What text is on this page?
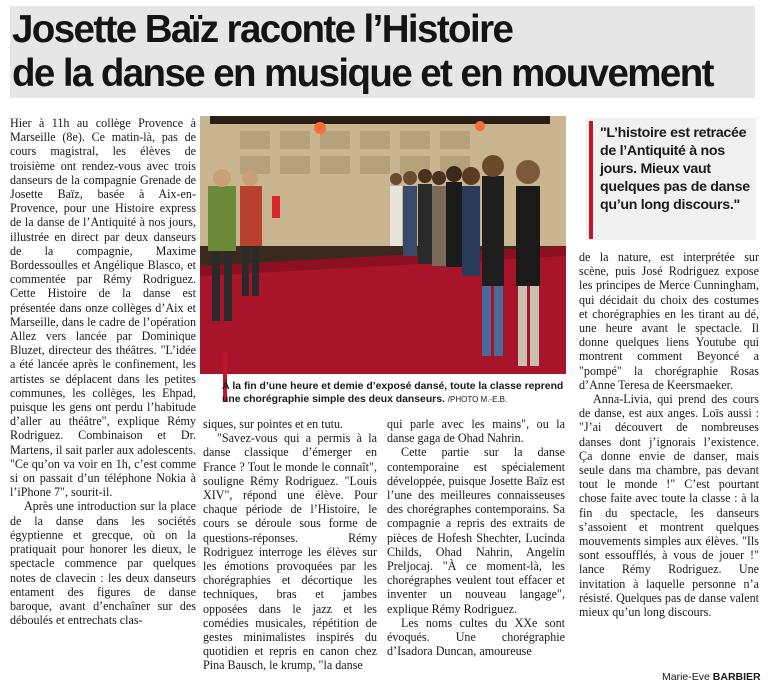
Josette Baïz raconte l’Histoire
de la danse en musique et en mouvement

Hier à 11h au collège Provence à Marseille (8e). Ce matin-là, pas de cours magistral, les élèves de troisième ont rendez-vous avec trois danseurs de la compagnie Grenade de Josette Baïz, basée à Aix-en-Provence, pour une Histoire express de la danse de l’Antiquité à nos jours, illustrée en direct par deux danseurs de la compagnie, Maxime Bordessoulles et Angélique Blasco, et commentée par Rémy Rodriguez. Cette Histoire de la danse est présentée dans onze collèges d’Aix et Marseille, dans le cadre de l’opération Allez vers lancée par Dominique Bluzet, directeur des théâtres. "L’idée a été lancée après le confinement, les artistes se déplacent dans les petites communes, les collèges, les Ehpad, puisque les gens ont perdu l’habitude d’aller au théâtre", explique Rémy Rodriguez. Combinaison et Dr. Martens, il sait parler aux adolescents. "Ce qu’on va voir en 1h, c’est comme si on passait d’un téléphone Nokia à l’iPhone 7", sourit-il.

Après une introduction sur la place de la danse dans les sociétés égyptienne et grecque, où on la pratiquait pour honorer les dieux, le spectacle commence par quelques notes de clavecin : les deux danseurs entament des figures de danse baroque, avant d’enchaîner sur des déboulés et entrechats clas-

À la fin d’une heure et demie d’exposé dansé, toute la classe reprend une chorégraphie simple des deux danseurs. /PHOTO M.-E.B.
"L’histoire est retracée de l’Antiquité à nos jours. Mieux vaut quelques pas de danse qu’un long discours."

siques, sur pointes et en tutu.

"Savez-vous qui a permis à la danse classique d’émerger en France ? Tout le monde le connaît", souligne Rémy Rodriguez. "Louis XIV", répond une élève. Pour chaque période de l’Histoire, le cours se déroule sous forme de questions-réponses. Rémy Rodriguez interroge les élèves sur les émotions provoquées par les chorégraphies et décortique les techniques, bras et jambes opposées dans le jazz et les comédies musicales, répétition de gestes minimalistes inspirés du quotidien et repris en canon chez Pina Bausch, le krump, "la danse

qui parle avec les mains", ou la danse gaga de Ohad Nahrin.

Cette partie sur la danse contemporaine est spécialement développée, puisque Josette Baïz est l’une des meilleures connaisseuses des chorégraphes contemporains. Sa compagnie a repris des extraits de pièces de Hofesh Shechter, Lucinda Childs, Ohad Nahrin, Angelin Preljocaj. "À ce moment-là, les chorégraphes veulent tout effacer et inventer un nouveau langage", explique Rémy Rodriguez.

Les noms cultes du XXe sont évoqués. Une chorégraphie d’Isadora Duncan, amoureuse

de la nature, est interprétée sur scène, puis José Rodriguez expose les principes de Merce Cunningham, qui décidait du choix des costumes et chorégraphies en les tirant au dé, une heure avant le spectacle. Il donne quelques liens Youtube qui montrent comment Beyoncé a "pompé" la chorégraphie Rosas d’Anne Teresa de Keersmaeker.

Anna-Livia, qui prend des cours de danse, est aux anges. Loïs aussi : "J’ai découvert de nombreuses danses dont j’ignorais l’existence. Ça donne envie de danser, mais seule dans ma chambre, pas devant tout le monde !" C’est pourtant chose faite avec toute la classe : à la fin du spectacle, les danseurs s’assoient et montrent quelques mouvements simples aux élèves. "Ils sont essoufflés, à vous de jouer !" lance Rémy Rodriguez. Une invitation à laquelle personne n’a résisté. Quelques pas de danse valent mieux qu’un long discours.

Marie-Eve BARBIER
